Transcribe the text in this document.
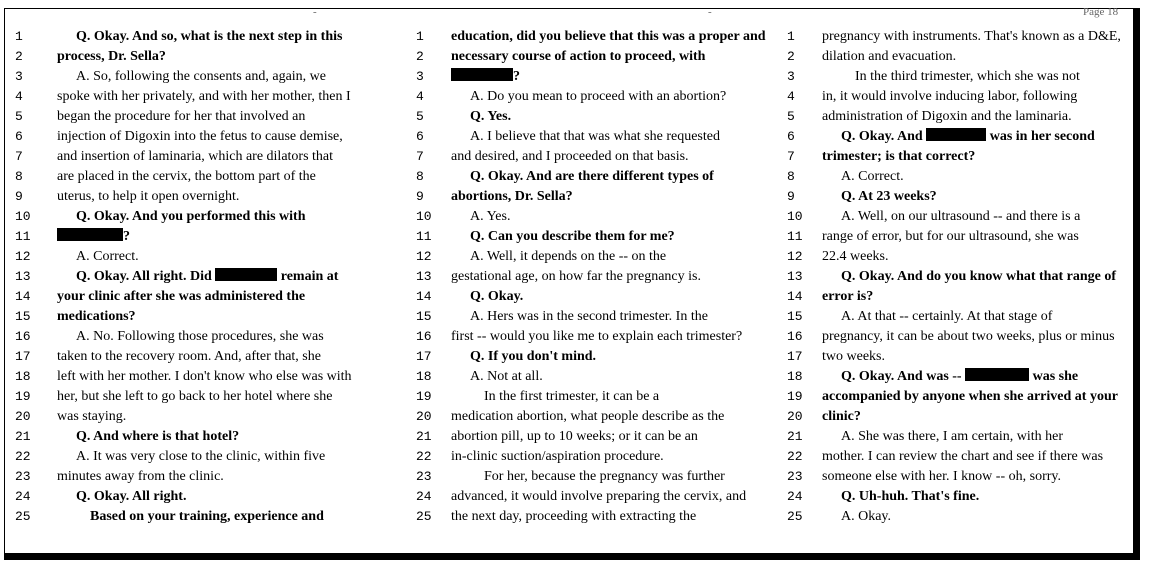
-	-	Page 18
1	Q. Okay. And so, what is the next step in this
2	process, Dr. Sella?
3	A. So, following the consents and, again, we
4	spoke with her privately, and with her mother, then I
5	began the procedure for her that involved an
6	injection of Digoxin into the fetus to cause demise,
7	and insertion of laminaria, which are dilators that
8	are placed in the cervix, the bottom part of the
9	uterus, to help it open overnight.
10	Q. Okay. And you performed this with
11	?
12	A. Correct.
13	Q. Okay. All right. Did	remain at
14	your clinic after she was administered the
15	medications?
16	A. No. Following those procedures, she was
17	taken to the recovery room. And, after that, she
18	left with her mother. I don't know who else was with
19	her, but she left to go back to her hotel where she
20	was staying.
21	Q. And where is that hotel?
22	A. It was very close to the clinic, within five
23	minutes away from the clinic.
24	Q. Okay. All right.
25	Based on your training, experience and
1	education, did you believe that this was a proper and
2	necessary course of action to proceed, with
3	?
4	A. Do you mean to proceed with an abortion?
5	Q. Yes.
6	A. I believe that that was what she requested
7	and desired, and I proceeded on that basis.
8	Q. Okay. And are there different types of
9	abortions, Dr. Sella?
10	A. Yes.
11	Q. Can you describe them for me?
12	A. Well, it depends on the -- on the
13	gestational age, on how far the pregnancy is.
14	Q. Okay.
15	A. Hers was in the second trimester. In the
16	first -- would you like me to explain each trimester?
17	Q. If you don't mind.
18	A. Not at all.
19	In the first trimester, it can be a
20	medication abortion, what people describe as the
21	abortion pill, up to 10 weeks; or it can be an
22	in-clinic suction/aspiration procedure.
23	For her, because the pregnancy was further
24	advanced, it would involve preparing the cervix, and
25	the next day, proceeding with extracting the
1	pregnancy with instruments. That's known as a D&E,
2	dilation and evacuation.
3	In the third trimester, which she was not
4	in, it would involve inducing labor, following
5	administration of Digoxin and the laminaria.
6	Q. Okay. And	was in her second
7	trimester; is that correct?
8	A. Correct.
9	Q. At 23 weeks?
10	A. Well, on our ultrasound -- and there is a
11	range of error, but for our ultrasound, she was
12	22.4 weeks.
13	Q. Okay. And do you know what that range of
14	error is?
15	A. At that -- certainly. At that stage of
16	pregnancy, it can be about two weeks, plus or minus
17	two weeks.
18	Q. Okay. And was --	was she
19	accompanied by anyone when she arrived at your
20	clinic?
21	A. She was there, I am certain, with her
22	mother. I can review the chart and see if there was
23	someone else with her. I know -- oh, sorry.
24	Q. Uh-huh. That's fine.
25	A. Okay.
